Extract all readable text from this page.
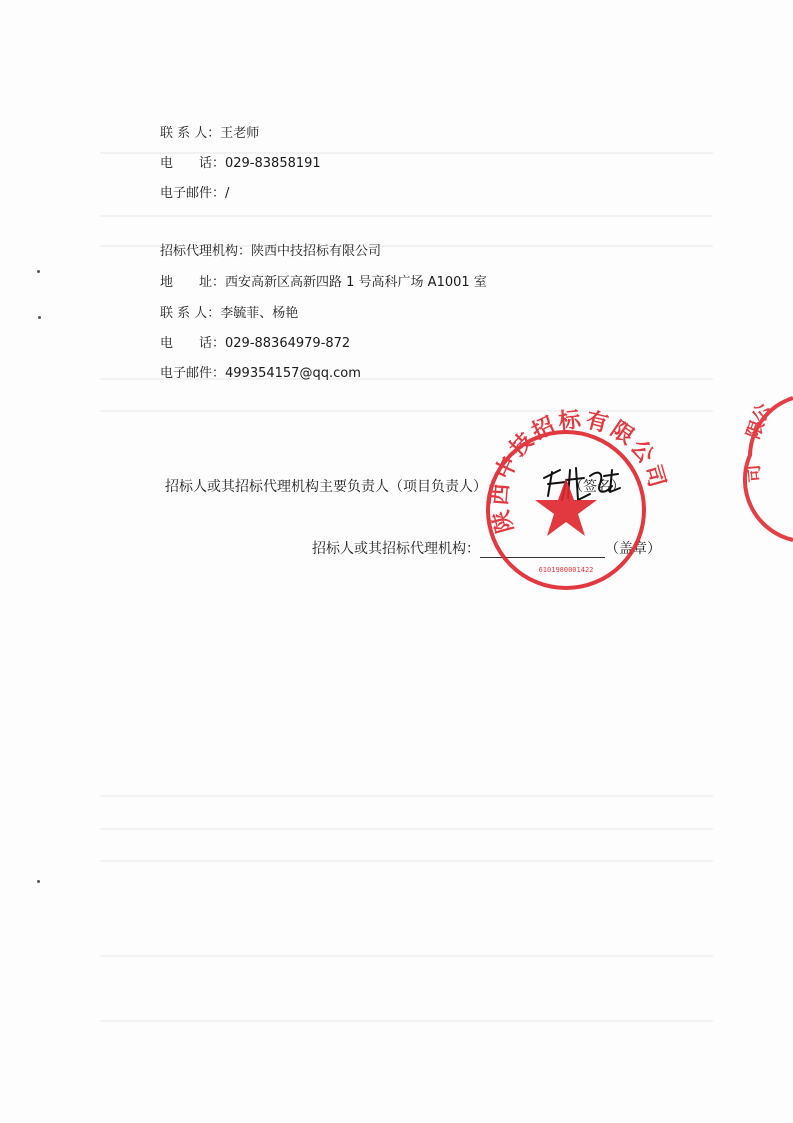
联 系 人：王老师
电　　话：029-83858191
电子邮件：/
招标代理机构：陕西中技招标有限公司
地　　址：西安高新区高新四路 1 号高科广场 A1001 室
联 系 人：李毓菲、杨艳
电　　话：029-88364979-872
电子邮件：499354157@qq.com
招标人或其招标代理机构主要负责人（项目负责人）	（签名）
招标人或其招标代理机构：	（盖章）
陕西中技招标有限公司
6101980001422
限公
司
